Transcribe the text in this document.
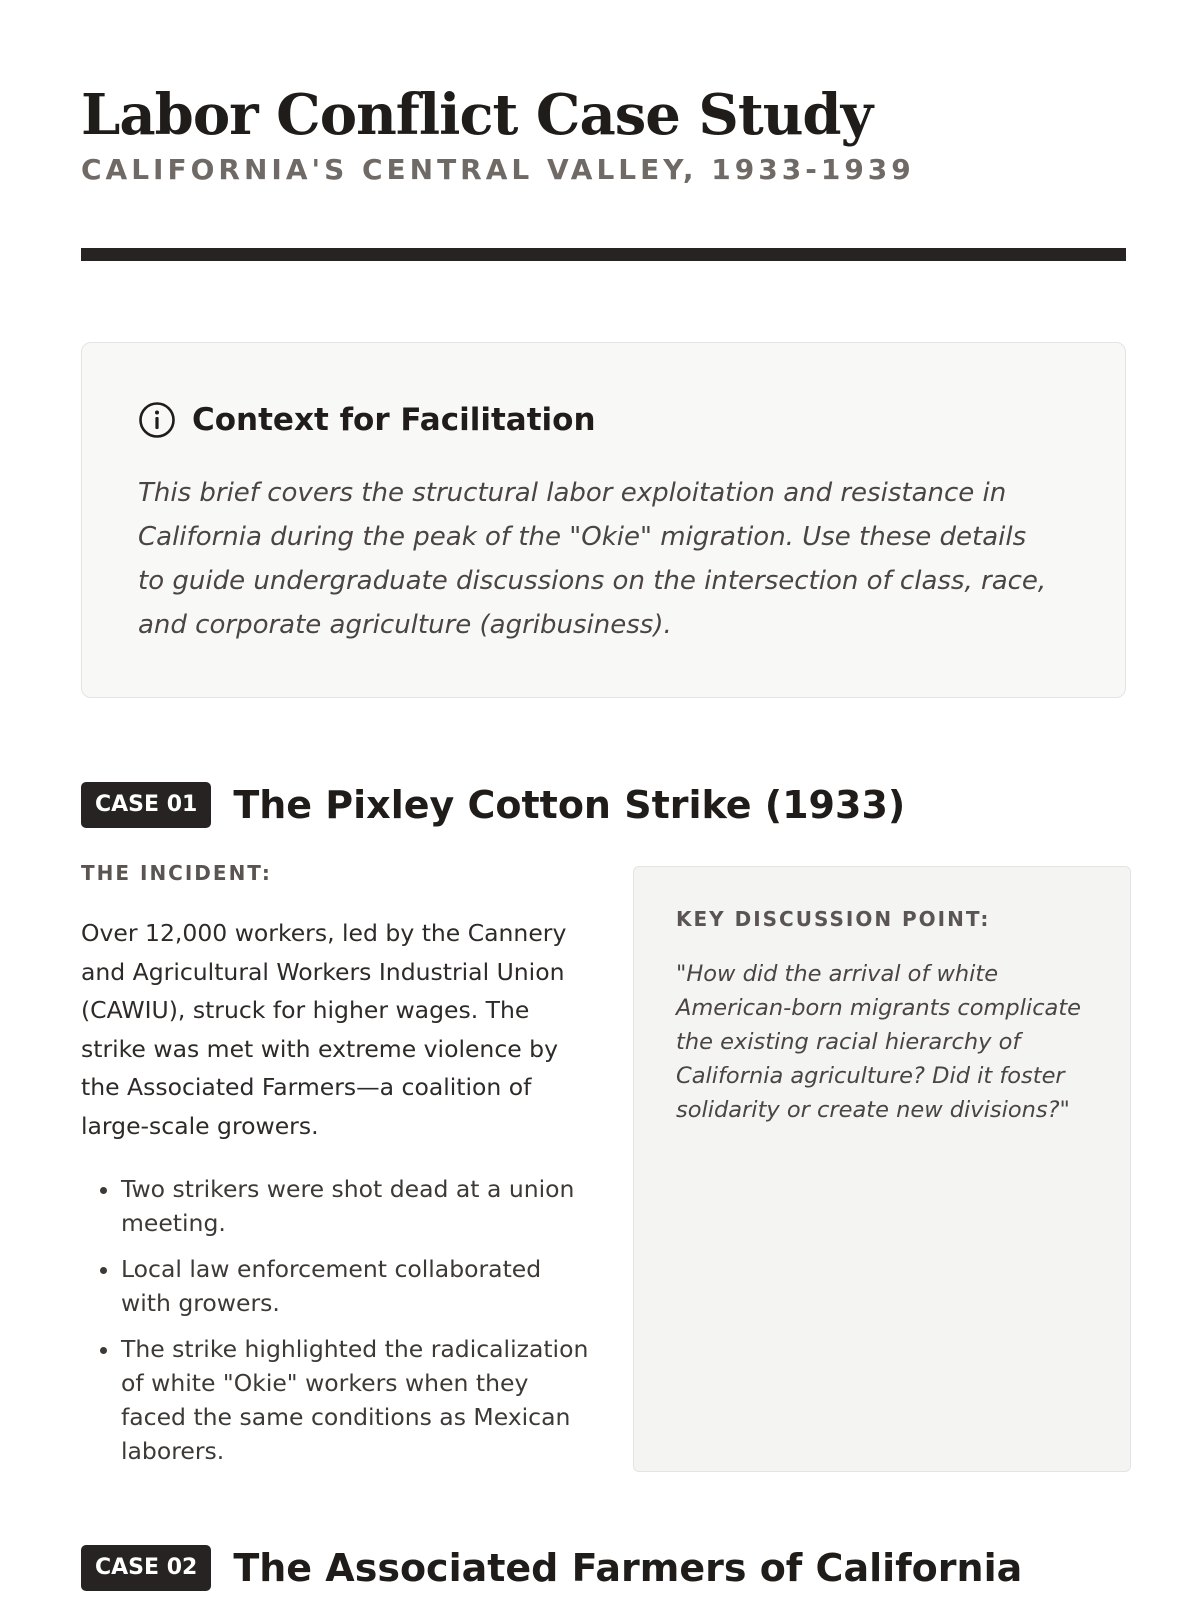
Labor Conflict Case Study
CALIFORNIA'S CENTRAL VALLEY, 1933-1939
Context for Facilitation

This brief covers the structural labor exploitation and resistance in California during the peak of the "Okie" migration. Use these details to guide undergraduate discussions on the intersection of class, race, and corporate agriculture (agribusiness).

CASE 01 The Pixley Cotton Strike (1933)
THE INCIDENT:

Over 12,000 workers, led by the Cannery and Agricultural Workers Industrial Union (CAWIU), struck for higher wages. The strike was met with extreme violence by the Associated Farmers—a coalition of large-scale growers.

• Two strikers were shot dead at a union meeting.
• Local law enforcement collaborated with growers.
• The strike highlighted the radicalization of white "Okie" workers when they faced the same conditions as Mexican laborers.
KEY DISCUSSION POINT:

"How did the arrival of white American-born migrants complicate the existing racial hierarchy of California agriculture? Did it foster solidarity or create new divisions?"

CASE 02 The Associated Farmers of California
